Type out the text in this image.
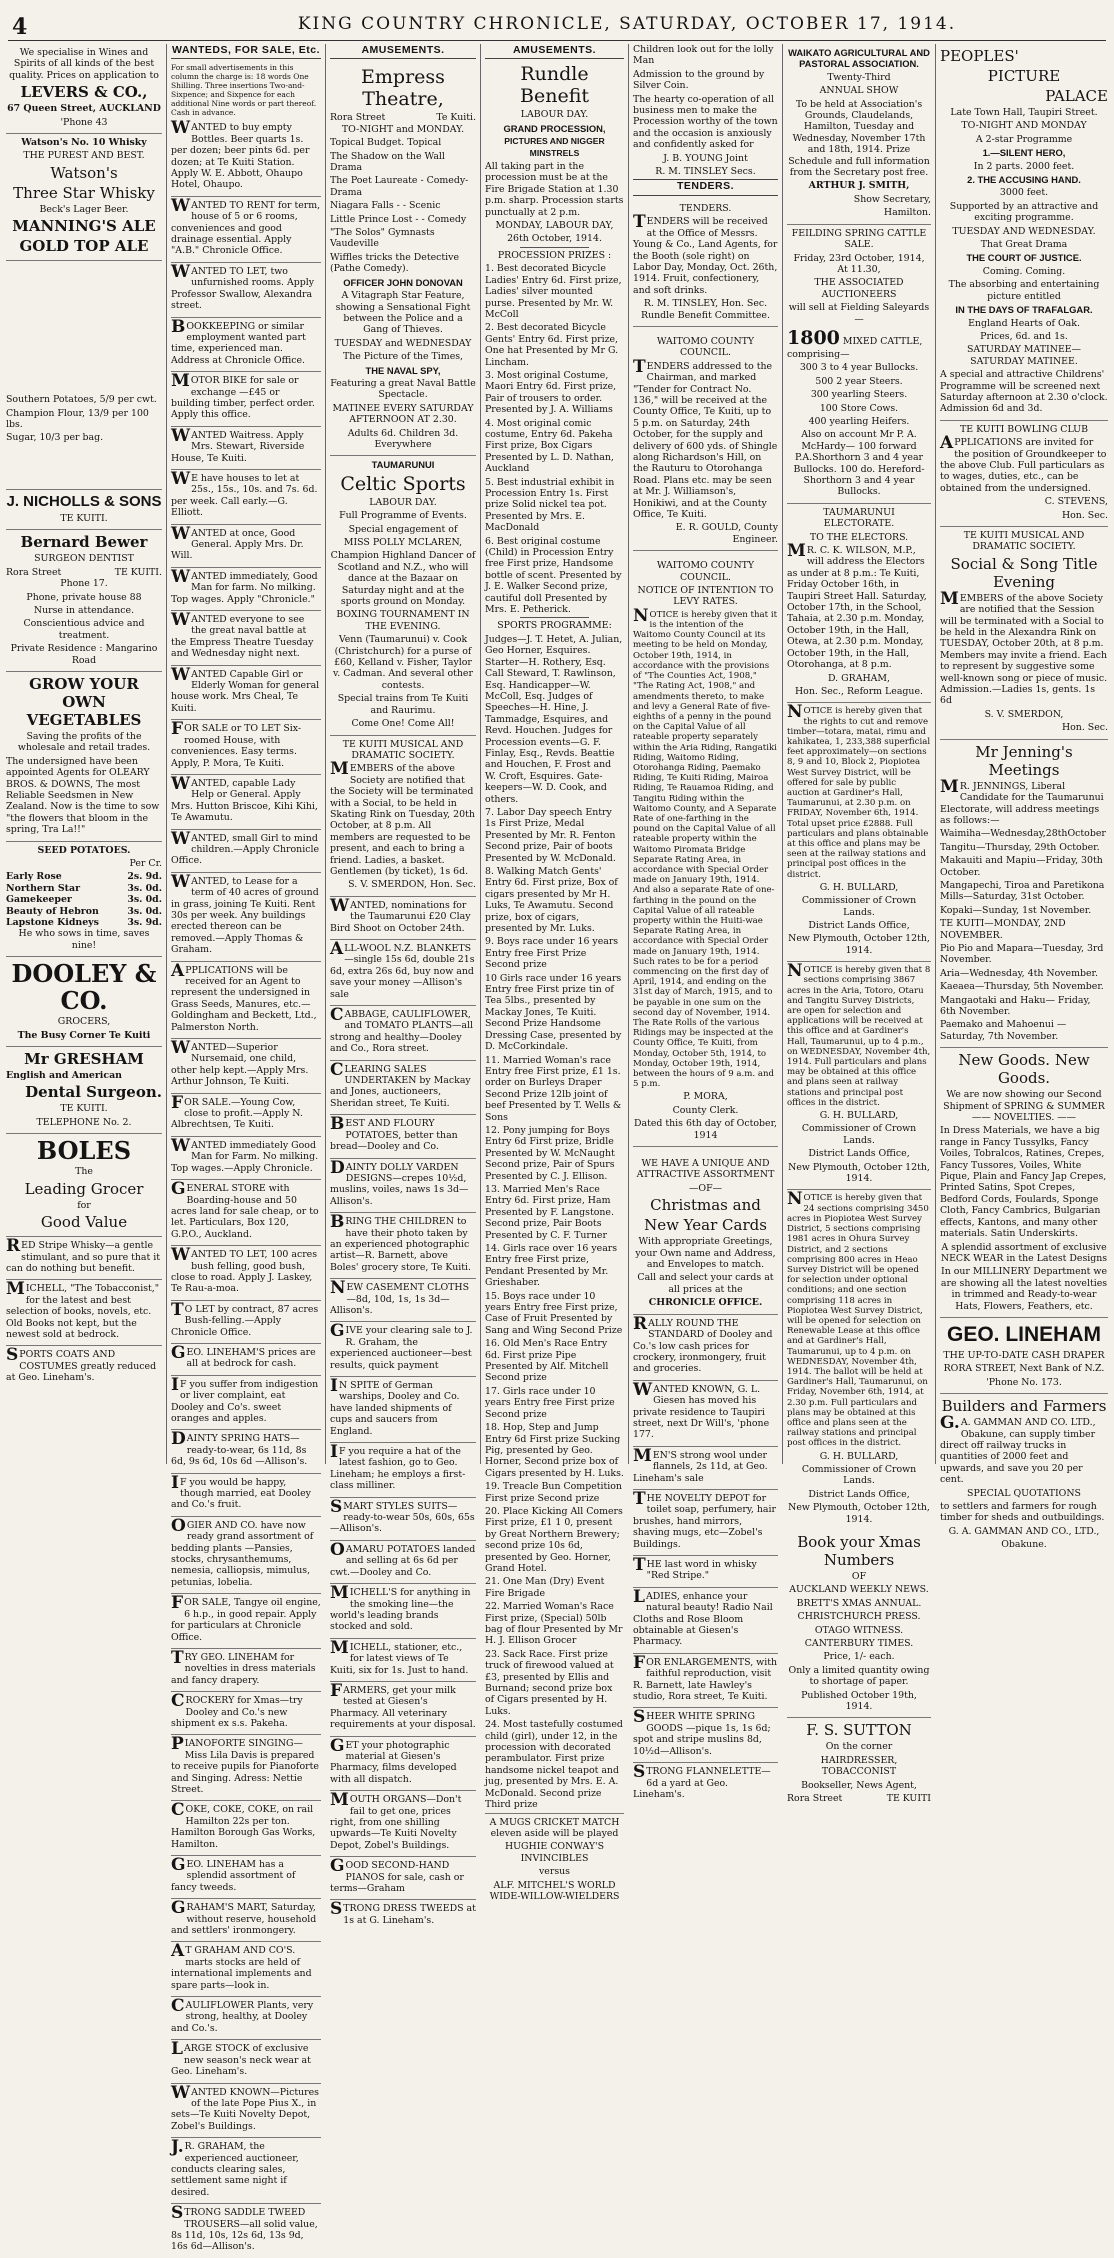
4	KING COUNTRY CHRONICLE, SATURDAY, OCTOBER 17, 1914.

We specialise in Wines and Spirits of all kinds of the best quality. Prices on application to

LEVERS & CO.,

67 Queen Street, AUCKLAND

'Phone 43

Watson's No. 10 Whisky

THE PUREST AND BEST.

Watson's

Three Star Whisky

Beck's Lager Beer.

MANNING'S ALE

GOLD TOP ALE

Southern Potatoes, 5/9 per cwt.

Champion Flour, 13/9 per 100 lbs.

Sugar, 10/3 per bag.

J. NICHOLLS & SONS

TE KUITI.

Bernard Bewer

SURGEON DENTIST

Rora Street	TE KUITI.

Phone 17.

Phone, private house 88

Nurse in attendance.

Conscientious advice and treatment.

Private Residence : Mangarino Road

GROW YOUR OWN VEGETABLES

Saving the profits of the wholesale and retail trades.

The undersigned have been appointed Agents for OLEARY BROS. & DOWNS, The most Reliable Seedsmen in New Zealand. Now is the time to sow "the flowers that bloom in the spring, Tra La!!"

SEED POTATOES.

Per Cr.

Early Rose	2s. 9d.
Northern Star	3s. 0d.
Gamekeeper	3s. 0d.
Beauty of Hebron	3s. 0d.
Lapstone Kidneys	3s. 9d.

He who sows in time, saves nine!

DOOLEY & CO.

GROCERS,

The Busy Corner Te Kuiti

Mr GRESHAM

English and American

Dental Surgeon.

TE KUITI.

TELEPHONE No. 2.

BOLES

The

Leading Grocer

for

Good Value

RED Stripe Whisky—a gentle stimulant, and so pure that it can do nothing but benefit.

MICHELL, "The Tobacconist," for the latest and best selection of books, novels, etc. Old Books not kept, but the newest sold at bedrock.

SPORTS COATS AND COSTUMES greatly reduced at Geo. Lineham's.

WANTEDS, FOR SALE, Etc.

For small advertisements in this column the charge is: 18 words One Shilling. Three insertions Two-and-Sixpence; and Sixpence for each additional Nine words or part thereof. Cash in advance.

WANTED to buy empty Bottles. Beer quarts 1s. per dozen; beer pints 6d. per dozen; at Te Kuiti Station. Apply W. E. Abbott, Ohaupo Hotel, Ohaupo.

WANTED TO RENT for term, house of 5 or 6 rooms, conveniences and good drainage essential. Apply "A.B." Chronicle Office.

WANTED TO LET, two unfurnished rooms. Apply Professor Swallow, Alexandra street.

BOOKKEEPING or similar employment wanted part time, experienced man. Address at Chronicle Office.

MOTOR BIKE for sale or exchange —£45 or building timber, perfect order. Apply this office.

WANTED Waitress. Apply Mrs. Stewart, Riverside House, Te Kuiti.

WE have houses to let at 25s., 15s., 10s. and 7s. 6d. per week. Call early.—G. Elliott.

WANTED at once, Good General. Apply Mrs. Dr. Will.

WANTED immediately, Good Man for farm. No milking. Top wages. Apply "Chronicle."

WANTED everyone to see the great naval battle at the Empress Theatre Tuesday and Wednesday night next.

WANTED Capable Girl or Elderly Woman for general house work. Mrs Cheal, Te Kuiti.

FOR SALE or TO LET Six-roomed House, with conveniences. Easy terms. Apply, P. Mora, Te Kuiti.

WANTED, capable Lady Help or General. Apply Mrs. Hutton Briscoe, Kihi Kihi, Te Awamutu.

WANTED, small Girl to mind children.—Apply Chronicle Office.

WANTED, to Lease for a term of 40 acres of ground in grass, joining Te Kuiti. Rent 30s per week. Any buildings erected thereon can be removed.—Apply Thomas & Graham.

APPLICATIONS will be received for an Agent to represent the undersigned in Grass Seeds, Manures, etc.—Goldingham and Beckett, Ltd., Palmerston North.

WANTED—Superior Nursemaid, one child, other help kept.—Apply Mrs. Arthur Johnson, Te Kuiti.

FOR SALE.—Young Cow, close to profit.—Apply N. Albrechtsen, Te Kuiti.

WANTED immediately Good Man for Farm. No milking. Top wages.—Apply Chronicle.

GENERAL STORE with Boarding-house and 50 acres land for sale cheap, or to let. Particulars, Box 120, G.P.O., Auckland.

WANTED TO LET, 100 acres bush felling, good bush, close to road. Apply J. Laskey, Te Rau-a-moa.

TO LET by contract, 87 acres Bush-felling.—Apply Chronicle Office.

GEO. LINEHAM'S prices are all at bedrock for cash.

IF you suffer from indigestion or liver complaint, eat Dooley and Co's. sweet oranges and apples.

DAINTY SPRING HATS—ready-to-wear, 6s 11d, 8s 6d, 9s 6d, 10s 6d —Allison's.

IF you would be happy, though married, eat Dooley and Co.'s fruit.

OGIER AND CO. have now ready grand assortment of bedding plants —Pansies, stocks, chrysanthemums, nemesia, calliopsis, mimulus, petunias, lobelia.

FOR SALE, Tangye oil engine, 6 h.p., in good repair. Apply for particulars at Chronicle Office.

TRY GEO. LINEHAM for novelties in dress materials and fancy drapery.

CROCKERY for Xmas—try Dooley and Co.'s new shipment ex s.s. Pakeha.

PIANOFORTE SINGING—Miss Lila Davis is prepared to receive pupils for Pianoforte and Singing. Adress: Nettie Street.

COKE, COKE, COKE, on rail Hamilton 22s per ton. Hamilton Borough Gas Works, Hamilton.

GEO. LINEHAM has a splendid assortment of fancy tweeds.

GRAHAM'S MART, Saturday, without reserve, household and settlers' ironmongery.

AT GRAHAM AND CO'S. marts stocks are held of international implements and spare parts—look in.

CAULIFLOWER Plants, very strong, healthy, at Dooley and Co.'s.

LARGE STOCK of exclusive new season's neck wear at Geo. Lineham's.

WANTED KNOWN—Pictures of the late Pope Pius X., in sets—Te Kuiti Novelty Depot, Zobel's Buildings.

J.R. GRAHAM, the experienced auctioneer, conducts clearing sales, settlement same night if desired.

STRONG SADDLE TWEED TROUSERS—all solid value, 8s 11d, 10s, 12s 6d, 13s 9d, 16s 6d—Allison's.

AMUSEMENTS.

Empress Theatre,

Rora Street	Te Kuiti.

TO-NIGHT and MONDAY.

Topical Budget. Topical

The Shadow on the Wall Drama

The Poet Laureate - Comedy-Drama

Niagara Falls - - Scenic

Little Prince Lost - - Comedy

"The Solos" Gymnasts Vaudeville

Wiffles tricks the Detective (Pathe Comedy).

OFFICER JOHN DONOVAN

A Vitagraph Star Feature, showing a Sensational Fight between the Police and a Gang of Thieves.

TUESDAY and WEDNESDAY

The Picture of the Times,

THE NAVAL SPY,

Featuring a great Naval Battle Spectacle.

MATINEE EVERY SATURDAY AFTERNOON AT 2.30.

Adults 6d. Children 3d. Everywhere

TAUMARUNUI

Celtic Sports

LABOUR DAY.

Full Programme of Events.

Special engagement of

MISS POLLY MCLAREN,

Champion Highland Dancer of Scotland and N.Z., who will dance at the Bazaar on Saturday night and at the sports ground on Monday.

BOXING TOURNAMENT IN THE EVENING.

Venn (Taumarunui) v. Cook (Christchurch) for a purse of £60, Kelland v. Fisher, Taylor v. Cadman. And several other contests.

Special trains from Te Kuiti and Raurimu.

Come One! Come All!

TE KUITI MUSICAL AND DRAMATIC SOCIETY.

MEMBERS of the above Society are notified that the Society will be terminated with a Social, to be held in Skating Rink on Tuesday, 20th October, at 8 p.m. All members are requested to be present, and each to bring a friend. Ladies, a basket. Gentlemen (by ticket), 1s 6d.

S. V. SMERDON, Hon. Sec.

WANTED, nominations for the Taumarunui £20 Clay Bird Shoot on October 24th.

ALL-WOOL N.Z. BLANKETS—single 15s 6d, double 21s 6d, extra 26s 6d, buy now and save your money —Allison's sale

CABBAGE, CAULIFLOWER, and TOMATO PLANTS—all strong and healthy—Dooley and Co., Rora street.

CLEARING SALES UNDERTAKEN by Mackay and Jones, auctioneers, Sheridan street, Te Kuiti.

BEST AND FLOURY POTATOES, better than bread—Dooley and Co.

DAINTY DOLLY VARDEN DESIGNS—crepes 10½d, muslins, voiles, naws 1s 3d—Allison's.

BRING THE CHILDREN to have their photo taken by an experienced photographic artist—R. Barnett, above Boles' grocery store, Te Kuiti.

NEW CASEMENT CLOTHS—8d, 10d, 1s, 1s 3d—Allison's.

GIVE your clearing sale to J. R. Graham, the experienced auctioneer—best results, quick payment

IN SPITE of German warships, Dooley and Co. have landed shipments of cups and saucers from England.

IF you require a hat of the latest fashion, go to Geo. Lineham; he employs a first-class milliner.

SMART STYLES SUITS—ready-to-wear 50s, 60s, 65s—Allison's.

OAMARU POTATOES landed and selling at 6s 6d per cwt.—Dooley and Co.

MICHELL'S for anything in the smoking line—the world's leading brands stocked and sold.

MICHELL, stationer, etc., for latest views of Te Kuiti, six for 1s. Just to hand.

FARMERS, get your milk tested at Giesen's Pharmacy. All veterinary requirements at your disposal.

GET your photographic material at Giesen's Pharmacy, films developed with all dispatch.

MOUTH ORGANS—Don't fail to get one, prices right, from one shilling upwards—Te Kuiti Novelty Depot, Zobel's Buildings.

GOOD SECOND-HAND PIANOS for sale, cash or terms—Graham

STRONG DRESS TWEEDS at 1s at G. Lineham's.

AMUSEMENTS.

Rundle Benefit

LABOUR DAY.

GRAND PROCESSION,

PICTURES AND NIGGER MINSTRELS

All taking part in the procession must be at the Fire Brigade Station at 1.30 p.m. sharp. Procession starts punctually at 2 p.m.

MONDAY, LABOUR DAY,

26th October, 1914.

PROCESSION PRIZES :

1. Best decorated Bicycle Ladies' Entry 6d. First prize, Ladies' silver mounted purse. Presented by Mr. W. McColl

2. Best decorated Bicycle Gents' Entry 6d. First prize, One hat Presented by Mr G. Lincham.

3. Most original Costume, Maori Entry 6d. First prize, Pair of trousers to order. Presented by J. A. Williams

4. Most original comic costume, Entry 6d. Pakeha First prize, Box Cigars Presented by L. D. Nathan, Auckland

5. Best industrial exhibit in Procession Entry 1s. First prize Solid nickel tea pot. Presented by Mrs. E. MacDonald

6. Best original costume (Child) in Procession Entry free First prize, Handsome bottle of scent. Presented by J. E. Walker Second prize, cautiful doll Presented by Mrs. E. Petherick.

SPORTS PROGRAMME:

Judges—J. T. Hetet, A. Julian, Geo Horner, Esquires. Starter—H. Rothery, Esq. Call Steward, T. Rawlinson, Esq. Handicapper—W. McColl, Esq. Judges of Speeches—H. Hine, J. Tammadge, Esquires, and Revd. Houchen. Judges for Procession events—G. F. Finlay, Esq., Revds. Beattie and Houchen, F. Frost and W. Croft, Esquires. Gate-keepers—W. D. Cook, and others.

7. Labor Day speech Entry 1s First Prize, Medal Presented by Mr. R. Fenton Second prize, Pair of boots Presented by W. McDonald.

8. Walking Match Gents' Entry 6d. First prize, Box of cigars presented by Mr H. Luks, Te Awamutu. Second prize, box of cigars, presented by Mr. Luks.

9. Boys race under 16 years Entry free First Prize Second prize

10 Girls race under 16 years Entry free First prize tin of Tea 5lbs., presented by Mackay Jones, Te Kuiti. Second Prize Handsome Dressing Case, presented by D. McCorkindale.

11. Married Woman's race Entry free First prize, £1 1s. order on Burleys Draper Second Prize 12lb joint of beef Presented by T. Wells & Sons

12. Pony jumping for Boys Entry 6d First prize, Bridle Presented by W. McNaught Second prize, Pair of Spurs Presented by C. J. Ellison.

13. Married Men's Race Entry 6d. First prize, Ham Presented by F. Langstone. Second prize, Pair Boots Presented by C. F. Turner

14. Girls race over 16 years Entry free First prize, Pendant Presented by Mr. Grieshaber.

15. Boys race under 10 years Entry free First prize, Case of Fruit Presented by Sang and Wing Second Prize

16. Old Men's Race Entry 6d. First prize Pipe Presented by Alf. Mitchell Second prize

17. Girls race under 10 years Entry free First prize Second prize

18. Hop, Step and Jump Entry 6d First prize Sucking Pig, presented by Geo. Horner, Second prize box of Cigars presented by H. Luks.

19. Treacle Bun Competition First prize Second prize

20. Place Kicking All Comers First prize, £1 1 0, present by Great Northern Brewery; second prize 10s 6d, presented by Geo. Horner, Grand Hotel.

21. One Man (Dry) Event Fire Brigade

22. Married Woman's Race First prize, (Special) 50lb bag of flour Presented by Mr H. J. Ellison Grocer

23. Sack Race. First prize truck of firewood valued at £3, presented by Ellis and Burnand; second prize box of Cigars presented by H. Luks.

24. Most tastefully costumed child (girl), under 12, in the procession with decorated perambulator. First prize handsome nickel teapot and jug, presented by Mrs. E. A. McDonald. Second prize Third prize

A MUGS CRICKET MATCH eleven aside will be played

HUGHIE CONWAY'S INVINCIBLES

versus

ALF. MITCHEL'S WORLD WIDE-WILLOW-WIELDERS

Children look out for the lolly Man

Admission to the ground by Silver Coin.

The hearty co-operation of all business men to make the Procession worthy of the town and the occasion is anxiously and confidently asked for

J. B. YOUNG Joint

R. M. TINSLEY Secs.

TENDERS.

TENDERS.

TENDERS will be received at the Office of Messrs. Young & Co., Land Agents, for the Booth (sole right) on Labor Day, Monday, Oct. 26th, 1914. Fruit, confectionery, and soft drinks.

R. M. TINSLEY, Hon. Sec. Rundle Benefit Committee.

WAITOMO COUNTY COUNCIL.

TENDERS addressed to the Chairman, and marked "Tender for Contract No. 136," will be received at the County Office, Te Kuiti, up to 5 p.m. on Saturday, 24th October, for the supply and delivery of 600 yds. of Shingle along Richardson's Hill, on the Rauturu to Otorohanga Road. Plans etc. may be seen at Mr. J. Williamson's, Honikiwi, and at the County Office, Te Kuiti.

E. R. GOULD, County Engineer.

WAITOMO COUNTY COUNCIL.

NOTICE OF INTENTION TO LEVY RATES.

NOTICE is hereby given that it is the intention of the Waitomo County Council at its meeting to be held on Monday, October 19th, 1914, in accordance with the provisions of "The Counties Act, 1908," "The Rating Act, 1908," and amendments thereto, to make and levy a General Rate of five-eighths of a penny in the pound on the Capital Value of all rateable property separately within the Aria Riding, Rangatiki Riding, Waitomo Riding, Otorohanga Riding, Paemako Riding, Te Kuiti Riding, Mairoa Riding, Te Rauamoa Riding, and Tangitu Riding within the Waitomo County, and A Separate Rate of one-farthing in the pound on the Capital Value of all rateable property within the Waitomo Piromata Bridge Separate Rating Area, in accordance with Special Order made on January 19th, 1914. And also a separate Rate of one-farthing in the pound on the Capital Value of all rateable property within the Huiti-wae Separate Rating Area, in accordance with Special Order made on January 19th, 1914. Such rates to be for a period commencing on the first day of April, 1914, and ending on the 31st day of March, 1915, and to be payable in one sum on the second day of November, 1914. The Rate Rolls of the various Ridings may be inspected at the County Office, Te Kuiti, from Monday, October 5th, 1914, to Monday, October 19th, 1914, between the hours of 9 a.m. and 5 p.m.

P. MORA,

County Clerk.

Dated this 6th day of October, 1914

WE HAVE A UNIQUE AND ATTRACTIVE ASSORTMENT

—OF—

Christmas and

New Year Cards

With appropriate Greetings, your Own name and Address, and Envelopes to match.

Call and select your cards at all prices at the

CHRONICLE OFFICE.

RALLY ROUND THE STANDARD of Dooley and Co.'s low cash prices for crockery, ironmongery, fruit and groceries.

WANTED KNOWN, G. L. Giesen has moved his private residence to Taupiri street, next Dr Will's, 'phone 177.

MEN'S strong wool under flannels, 2s 11d, at Geo. Lineham's sale

THE NOVELTY DEPOT for toilet soap, perfumery, hair brushes, hand mirrors, shaving mugs, etc—Zobel's Buildings.

THE last word in whisky "Red Stripe."

LADIES, enhance your natural beauty! Radio Nail Cloths and Rose Bloom obtainable at Giesen's Pharmacy.

FOR ENLARGEMENTS, with faithful reproduction, visit R. Barnett, late Hawley's studio, Rora street, Te Kuiti.

SHEER WHITE SPRING GOODS —pique 1s, 1s 6d; spot and stripe muslins 8d, 10½d—Allison's.

STRONG FLANNELETTE—6d a yard at Geo. Lineham's.

WAIKATO AGRICULTURAL AND PASTORAL ASSOCIATION.

Twenty-Third

ANNUAL SHOW

To be held at Association's Grounds, Claudelands, Hamilton, Tuesday and Wednesday, November 17th and 18th, 1914. Prize Schedule and full information from the Secretary post free.

ARTHUR J. SMITH,

Show Secretary,

Hamilton.

FEILDING SPRING CATTLE SALE.

Friday, 23rd October, 1914, At 11.30,

THE ASSOCIATED AUCTIONEERS

will sell at Fielding Saleyards—

1800 MIXED CATTLE, comprising—

300 3 to 4 year Bullocks.

500 2 year Steers.

300 yearling Steers.

100 Store Cows.

400 yearling Heifers.

Also on account Mr P. A. McHardy— 100 forward P.A.Shorthorn 3 and 4 year Bullocks. 100 do. Hereford-Shorthorn 3 and 4 year Bullocks.

TAUMARUNUI ELECTORATE.

TO THE ELECTORS.

MR. C. K. WILSON, M.P., will address the Electors as under at 8 p.m.: Te Kuiti, Friday October 16th, in Taupiri Street Hall. Saturday, October 17th, in the School, Tahaia, at 2.30 p.m. Monday, October 19th, in the Hall, Otewa, at 2.30 p.m. Monday, October 19th, in the Hall, Otorohanga, at 8 p.m.

D. GRAHAM,

Hon. Sec., Reform League.

NOTICE is hereby given that the rights to cut and remove timber—totara, matai, rimu and kahikatea, 1, 233,388 superficial feet approximately—on sections 8, 9 and 10, Block 2, Piopiotea West Survey District, will be offered for sale by public auction at Gardiner's Hall, Taumarunui, at 2.30 p.m. on FRIDAY, November 6th, 1914. Total upset price £2888. Full particulars and plans obtainable at this office and plans may be seen at the railway stations and principal post offices in the district.

G. H. BULLARD,

Commissioner of Crown Lands.

District Lands Office,

New Plymouth, October 12th, 1914.

NOTICE is hereby given that 8 sections comprising 3867 acres in the Aria, Totoro, Otaru and Tangitu Survey Districts, are open for selection and applications will be received at this office and at Gardiner's Hall, Taumarunui, up to 4 p.m., on WEDNESDAY, November 4th, 1914. Full particulars and plans may be obtained at this office and plans seen at railway stations and principal post offices in the district.

G. H. BULLARD,

Commissioner of Crown Lands.

District Lands Office,

New Plymouth, October 12th, 1914.

NOTICE is hereby given that 24 sections comprising 3450 acres in Piopiotea West Survey District, 5 sections comprising 1981 acres in Ohura Survey District, and 2 sections comprising 800 acres in Heao Survey District will be opened for selection under optional conditions; and one section comprising 118 acres in Piopiotea West Survey District, will be opened for selection on Renewable Lease at this office and at Gardiner's Hall, Taumarunui, up to 4 p.m. on WEDNESDAY, November 4th, 1914. The ballot will be held at Gardiner's Hall, Taumarunui, on Friday, November 6th, 1914, at 2.30 p.m. Full particulars and plans may be obtained at this office and plans seen at the railway stations and principal post offices in the district.

G. H. BULLARD,

Commissioner of Crown Lands.

District Lands Office,

New Plymouth, October 12th, 1914.

Book your Xmas Numbers

OF

AUCKLAND WEEKLY NEWS.

BRETT'S XMAS ANNUAL.

CHRISTCHURCH PRESS.

OTAGO WITNESS.

CANTERBURY TIMES.

Price, 1/- each.

Only a limited quantity owing to shortage of paper.

Published October 19th, 1914.

F. S. SUTTON

On the corner

HAIRDRESSER, TOBACCONIST

Bookseller, News Agent,

Rora Street	TE KUITI

PEOPLES'

PICTURE

PALACE

Late Town Hall, Taupiri Street.

TO-NIGHT AND MONDAY

A 2-star Programme

1.—SILENT HERO,

In 2 parts. 2000 feet.

2. THE ACCUSING HAND.

3000 feet.

Supported by an attractive and exciting programme.

TUESDAY AND WEDNESDAY.

That Great Drama

THE COURT OF JUSTICE.

Coming. Coming.

The absorbing and entertaining picture entitled

IN THE DAYS OF TRAFALGAR.

England Hearts of Oak.

Prices, 6d. and 1s.

SATURDAY MATINEE—SATURDAY MATINEE.

A special and attractive Childrens' Programme will be screened next Saturday afternoon at 2.30 o'clock. Admission 6d and 3d.

TE KUITI BOWLING CLUB

APPLICATIONS are invited for the position of Groundkeeper to the above Club. Full particulars as to wages, duties, etc., can be obtained from the undersigned.

C. STEVENS,

Hon. Sec.

TE KUITI MUSICAL AND DRAMATIC SOCIETY.

Social & Song Title Evening

MEMBERS of the above Society are notified that the Session will be terminated with a Social to be held in the Alexandra Rink on TUESDAY, October 20th, at 8 p.m. Members may invite a friend. Each to represent by suggestive some well-known song or piece of music. Admission.—Ladies 1s, gents. 1s 6d

S. V. SMERDON,

Hon. Sec.

Mr Jenning's Meetings

MR. JENNINGS, Liberal Candidate for the Taumarunui Electorate, will address meetings as follows:—

Waimiha—Wednesday,28thOctober

Tangitu—Thursday, 29th October.

Makauiti and Mapiu—Friday, 30th October.

Mangapechi, Tiroa and Paretikona Mills—Saturday, 31st October.

Kopaki—Sunday, 1st November.

TE KUITI—MONDAY, 2ND NOVEMBER.

Pio Pio and Mapara—Tuesday, 3rd November.

Aria—Wednesday, 4th November.

Kaeaea—Thursday, 5th November.

Mangaotaki and Haku— Friday, 6th November.

Paemako and Mahoenui — Saturday, 7th November.

New Goods. New Goods.

We are now showing our Second Shipment of SPRING & SUMMER —— NOVELTIES. ——

In Dress Materials, we have a big range in Fancy Tussylks, Fancy Voiles, Tobralcos, Ratines, Crepes, Fancy Tussores, Voiles, White Pique, Plain and Fancy Jap Crepes, Printed Satins, Spot Crepes, Bedford Cords, Foulards, Sponge Cloth, Fancy Cambrics, Bulgarian effects, Kantons, and many other materials. Satin Underskirts.

A splendid assortment of exclusive NECK WEAR in the Latest Designs

In our MILLINERY Department we are showing all the latest novelties in trimmed and Ready-to-wear Hats, Flowers, Feathers, etc.

GEO. LINEHAM

THE UP-TO-DATE CASH DRAPER

RORA STREET, Next Bank of N.Z.

'Phone No. 173.

Builders and Farmers

G.A. GAMMAN AND CO. LTD., Obakune, can supply timber direct off railway trucks in quantities of 2000 feet and upwards, and save you 20 per cent.

SPECIAL QUOTATIONS

to settlers and farmers for rough timber for sheds and outbuildings.

G. A. GAMMAN AND CO., LTD.,

Obakune.
